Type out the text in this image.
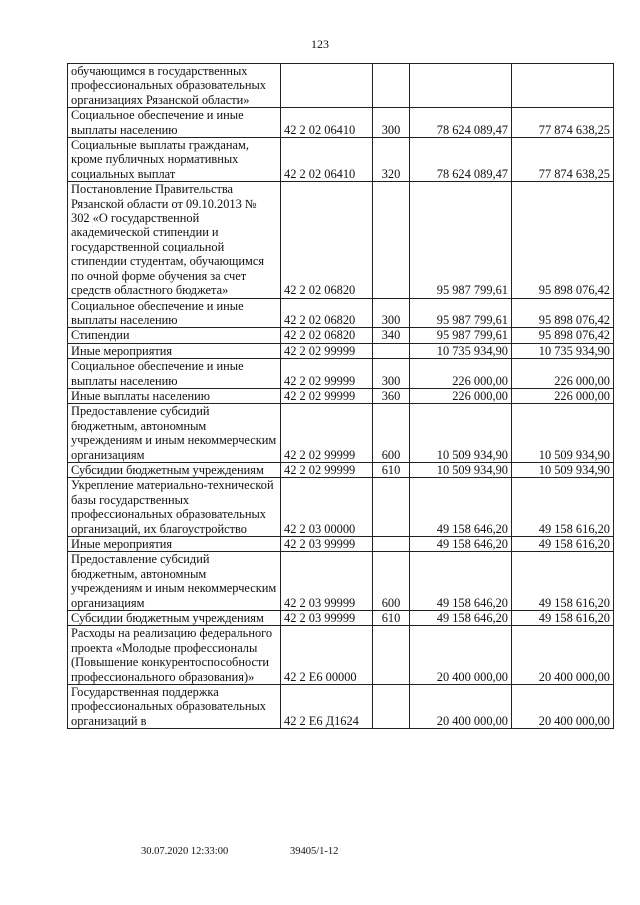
123
обучающимся в государственных профессиональных образовательных организациях Рязанской области»				
Социальное обеспечение и иные выплаты населению	42 2 02 06410	300	78 624 089,47	77 874 638,25
Социальные выплаты гражданам, кроме публичных нормативных социальных выплат	42 2 02 06410	320	78 624 089,47	77 874 638,25
Постановление Правительства Рязанской области от 09.10.2013 № 302 «О государственной академической стипендии и государственной социальной стипендии студентам, обучающимся по очной форме обучения за счет средств областного бюджета»	42 2 02 06820		95 987 799,61	95 898 076,42
Социальное обеспечение и иные выплаты населению	42 2 02 06820	300	95 987 799,61	95 898 076,42
Стипендии	42 2 02 06820	340	95 987 799,61	95 898 076,42
Иные мероприятия	42 2 02 99999		10 735 934,90	10 735 934,90
Социальное обеспечение и иные выплаты населению	42 2 02 99999	300	226 000,00	226 000,00
Иные выплаты населению	42 2 02 99999	360	226 000,00	226 000,00
Предоставление субсидий бюджетным, автономным учреждениям и иным некоммерческим организациям	42 2 02 99999	600	10 509 934,90	10 509 934,90
Субсидии бюджетным учреждениям	42 2 02 99999	610	10 509 934,90	10 509 934,90
Укрепление материально-технической базы государственных профессиональных образовательных организаций, их благоустройство	42 2 03 00000		49 158 646,20	49 158 616,20
Иные мероприятия	42 2 03 99999		49 158 646,20	49 158 616,20
Предоставление субсидий бюджетным, автономным учреждениям и иным некоммерческим организациям	42 2 03 99999	600	49 158 646,20	49 158 616,20
Субсидии бюджетным учреждениям	42 2 03 99999	610	49 158 646,20	49 158 616,20
Расходы на реализацию федерального проекта «Молодые профессионалы (Повышение конкурентоспособности профессионального образования)»	42 2 Е6 00000		20 400 000,00	20 400 000,00
Государственная поддержка профессиональных образовательных организаций в	42 2 Е6 Д1624		20 400 000,00	20 400 000,00
30.07.2020 12:33:00	39405/1-12
